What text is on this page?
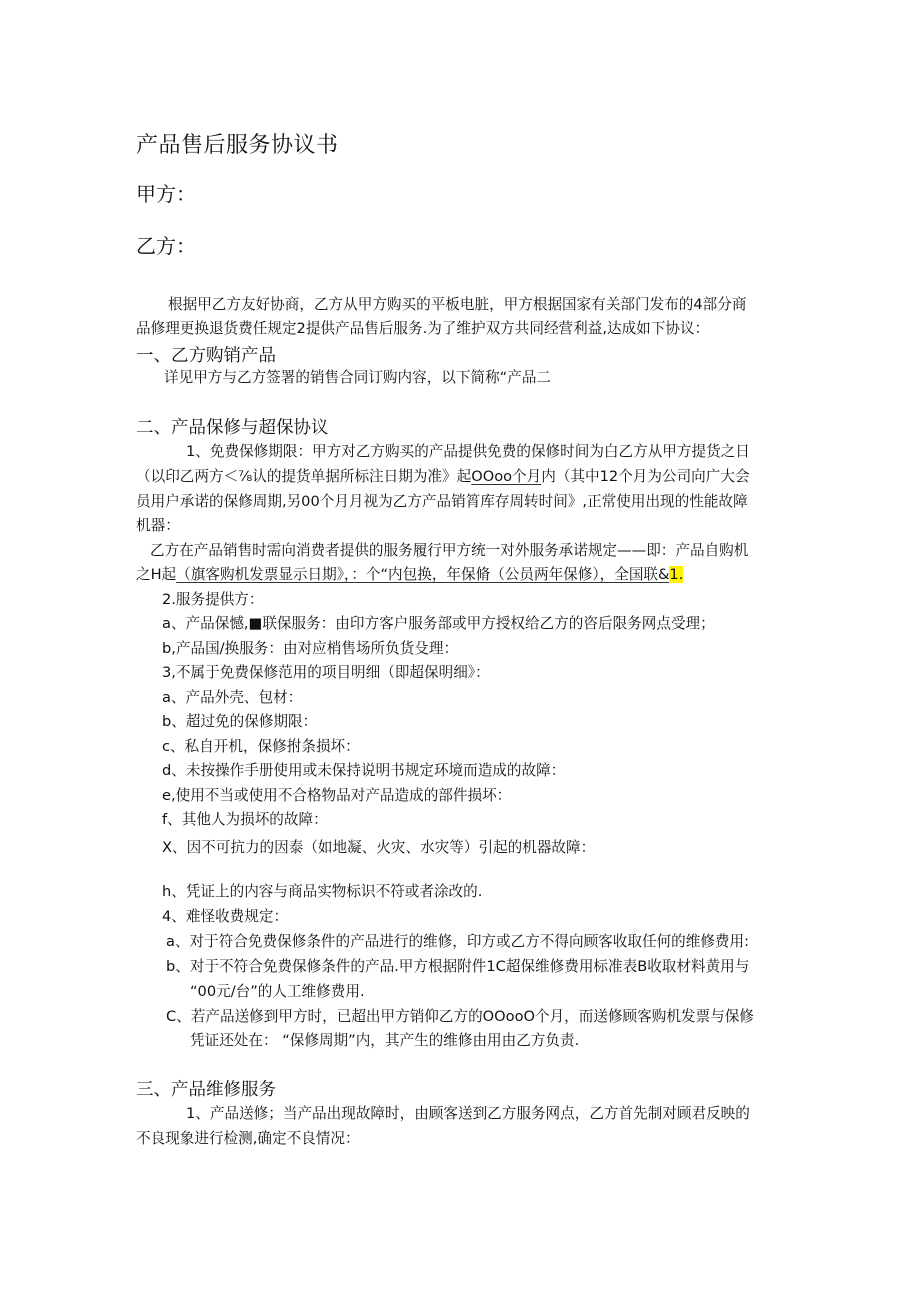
产品售后服务协议书
甲方：
乙方：
根据甲乙方友好协商，乙方从甲方购买的平板电脏，甲方根据国家有关部门发布的4部分商
品修理更换退货费任规定2提供产品售后服务.为了维护双方共同经营利益,达成如下协议：
一、乙方购销产品
详见甲方与乙方签署的销售合同订购内容，以下简称“产品二
二、产品保修与超保协议
1、免费保修期限：甲方对乙方购买的产品提供免费的保修时间为白乙方从甲方提货之日
（以印乙两方＜⅞认的提货单据所标注日期为准》起OOoo个月内（其中12个月为公司向广大会
员用户承诺的保修周期,另00个月月视为乙方产品销筲库存周转时间》,正常使用出现的性能故障
机器：
乙方在产品销售时需向消费者提供的服务履行甲方统一对外服务承诺规定——即：产品自购机
之H起（旗客购机发票显示日期》，：个“内包换，年保脩（公员两年保修），全国联&1.
2.服务提供方：
a、产品保憾,■联保服务：由印方客户服务部或甲方授权给乙方的咨后限务网点受理；
b,产品国/换服务：由对应梢售场所负货殳理：
3,不属于免费保修范用的项目明细（即超保明细》：
a、产品外壳、包材：
b、超过免的保修期限：
c、私自开机，保修拊条损坏：
d、未按操作手册使用或未保持说明书规定环境而造成的故障：
e,使用不当或使用不合格物品对产品造成的部件损坏：
f、其他人为损坏的故障：
X、因不可抗力的因泰（如地凝、火灾、水灾等）引起的机器故障：
h、凭证上的内容与商品实物标识不符或者涂改的.
4、难怪收费规定：
a、对于符合免费保修条件的产品进行的维修，印方或乙方不得向顾客收取任何的维修费用:
b、对于不符合免费保修条件的产品.甲方根据附件1C超保维修费用标准表B收取材料黄用与
“00元/台”的人工维修费用.
C、若产品送修到甲方时，已超出甲方销仰乙方的OOooO个月，而送修顾客购机发票与保修
凭证还处在： “保修周期”内，其产生的维修由用由乙方负责.
三、产品维修服务
1、产品送修；当产品出现故障时，由顾客送到乙方服务网点，乙方首先制对顾君反映的
不良现象进行检测,确定不良情况：
